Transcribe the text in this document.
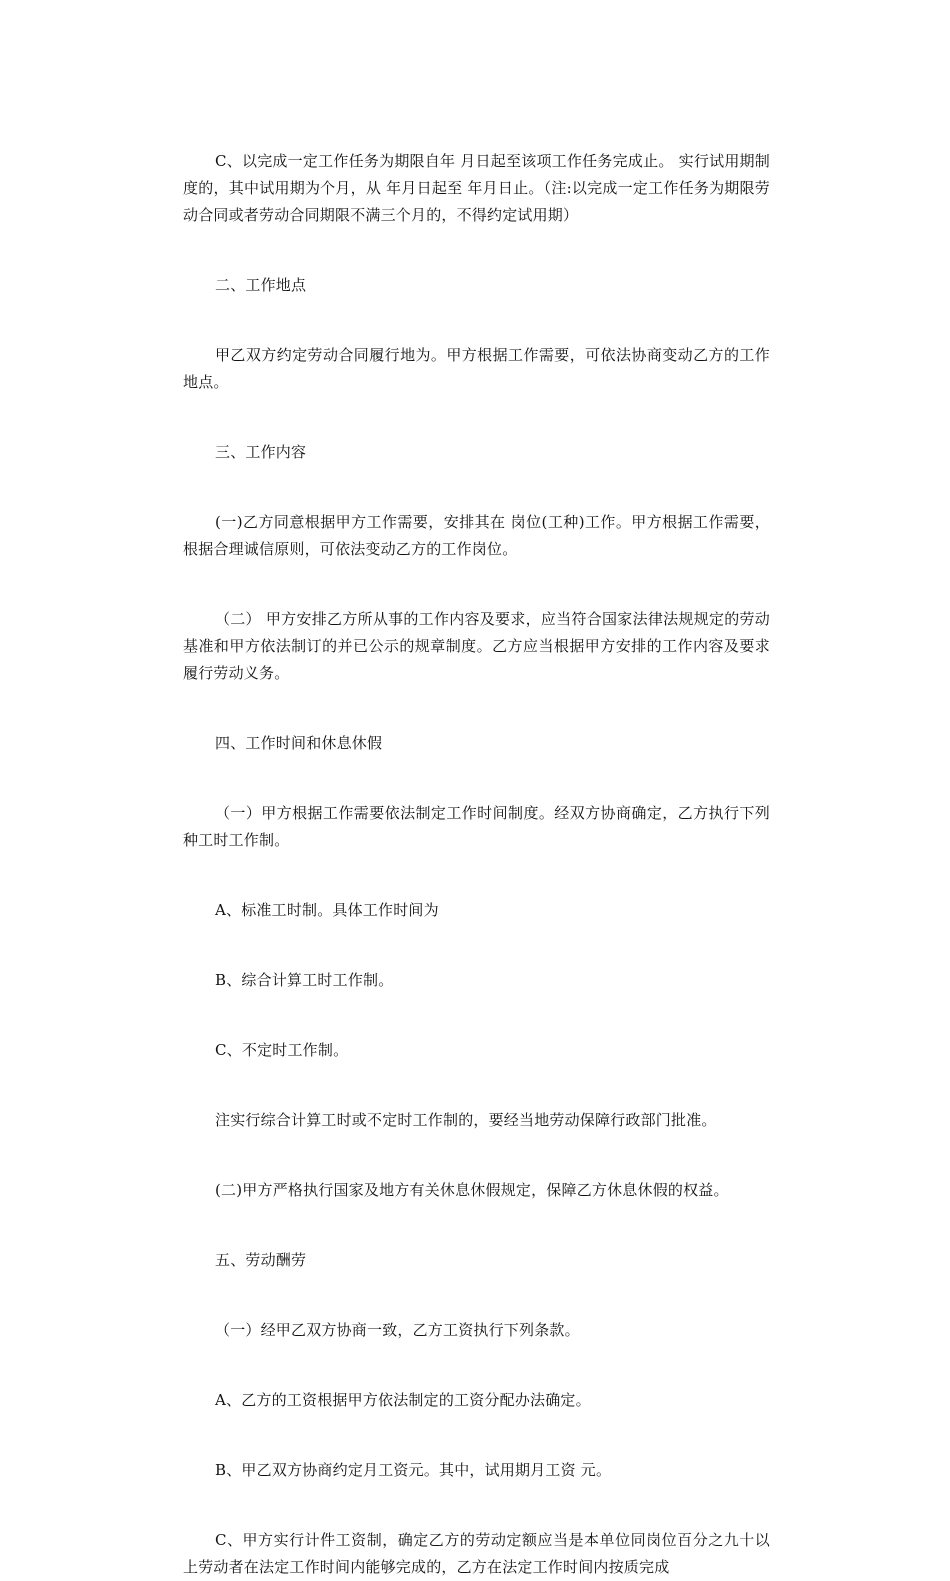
C、以完成一定工作任务为期限自年 月日起至该项工作任务完成止。 实行试用期制度的，其中试用期为个月，从 年月日起至 年月日止。（注:以完成一定工作任务为期限劳动合同或者劳动合同期限不满三个月的，不得约定试用期）

二、工作地点

甲乙双方约定劳动合同履行地为。甲方根据工作需要，可依法协商变动乙方的工作地点。

三、工作内容

(一)乙方同意根据甲方工作需要，安排其在 岗位(工种)工作。甲方根据工作需要，根据合理诚信原则，可依法变动乙方的工作岗位。

（二） 甲方安排乙方所从事的工作内容及要求，应当符合国家法律法规规定的劳动基准和甲方依法制订的并已公示的规章制度。乙方应当根据甲方安排的工作内容及要求履行劳动义务。

四、工作时间和休息休假

（一）甲方根据工作需要依法制定工作时间制度。经双方协商确定，乙方执行下列 种工时工作制。

A、标准工时制。具体工作时间为

B、综合计算工时工作制。

C、不定时工作制。

注实行综合计算工时或不定时工作制的，要经当地劳动保障行政部门批准。

(二)甲方严格执行国家及地方有关休息休假规定，保障乙方休息休假的权益。

五、劳动酬劳

（一）经甲乙双方协商一致，乙方工资执行下列条款。

A、乙方的工资根据甲方依法制定的工资分配办法确定。

B、甲乙双方协商约定月工资元。其中，试用期月工资 元。

C、甲方实行计件工资制，确定乙方的劳动定额应当是本单位同岗位百分之九十以上劳动者在法定工作时间内能够完成的，乙方在法定工作时间内按质完成
